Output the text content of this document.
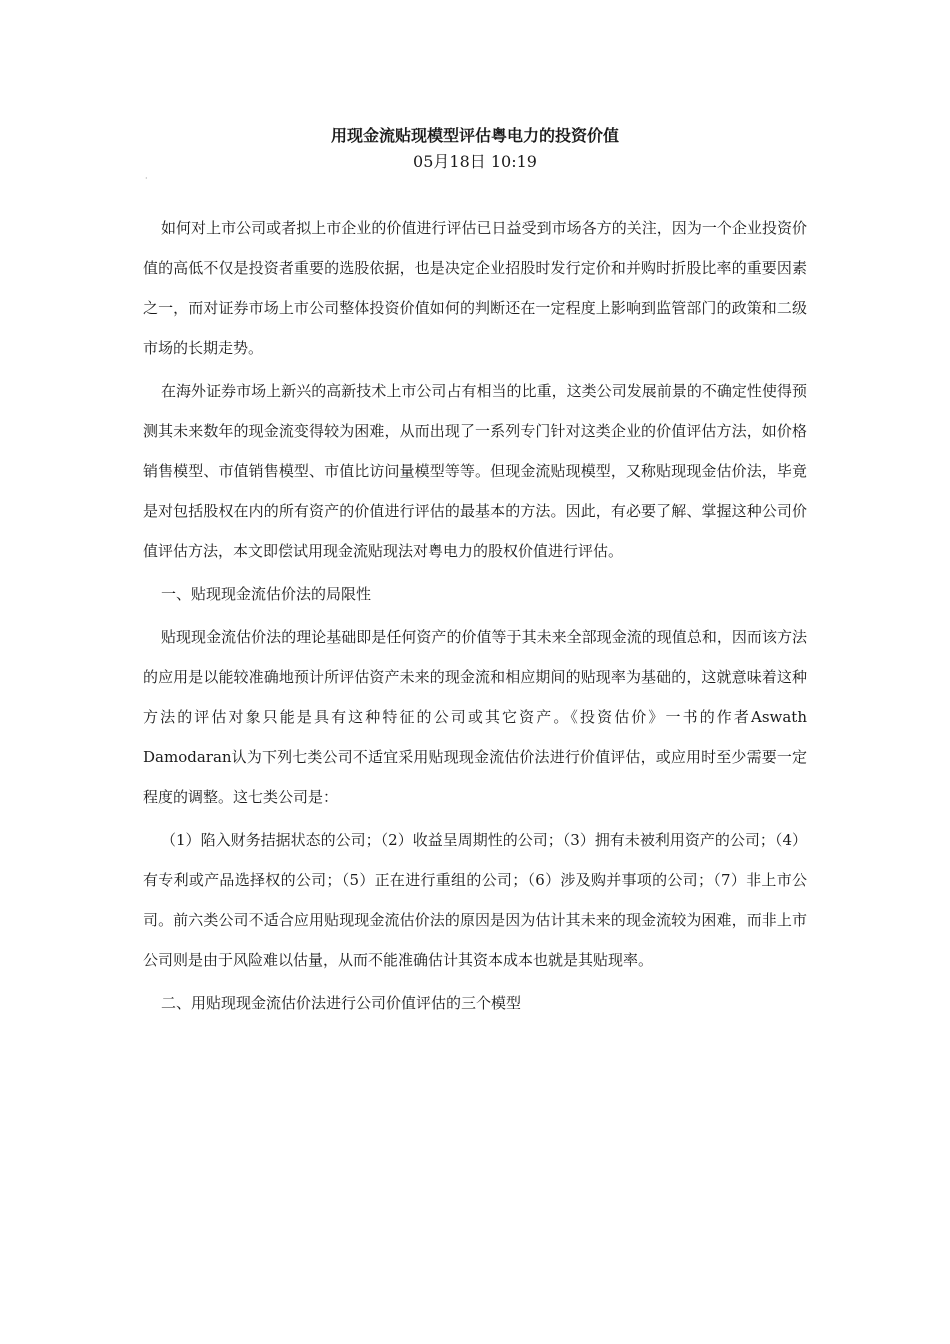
用现金流贴现模型评估粤电力的投资价值
05月18日 10:19
·

如何对上市公司或者拟上市企业的价值进行评估已日益受到市场各方的关注，因为一个企业投资价值的高低不仅是投资者重要的选股依据，也是决定企业招股时发行定价和并购时折股比率的重要因素之一，而对证券市场上市公司整体投资价值如何的判断还在一定程度上影响到监管部门的政策和二级市场的长期走势。

在海外证券市场上新兴的高新技术上市公司占有相当的比重，这类公司发展前景的不确定性使得预测其未来数年的现金流变得较为困难，从而出现了一系列专门针对这类企业的价值评估方法，如价格销售模型、市值销售模型、市值比访问量模型等等。但现金流贴现模型，又称贴现现金估价法，毕竟是对包括股权在内的所有资产的价值进行评估的最基本的方法。因此，有必要了解、掌握这种公司价值评估方法，本文即偿试用现金流贴现法对粤电力的股权价值进行评估。

一、贴现现金流估价法的局限性

贴现现金流估价法的理论基础即是任何资产的价值等于其未来全部现金流的现值总和，因而该方法的应用是以能较准确地预计所评估资产未来的现金流和相应期间的贴现率为基础的，这就意味着这种方法的评估对象只能是具有这种特征的公司或其它资产。《投资估价》一书的作者Aswath Damodaran认为下列七类公司不适宜采用贴现现金流估价法进行价值评估，或应用时至少需要一定程度的调整。这七类公司是：

（1）陷入财务拮据状态的公司；（2）收益呈周期性的公司；（3）拥有未被利用资产的公司；（4）有专利或产品选择权的公司；（5）正在进行重组的公司；（6）涉及购并事项的公司；（7）非上市公司。前六类公司不适合应用贴现现金流估价法的原因是因为估计其未来的现金流较为困难，而非上市公司则是由于风险难以估量，从而不能准确估计其资本成本也就是其贴现率。

二、用贴现现金流估价法进行公司价值评估的三个模型
